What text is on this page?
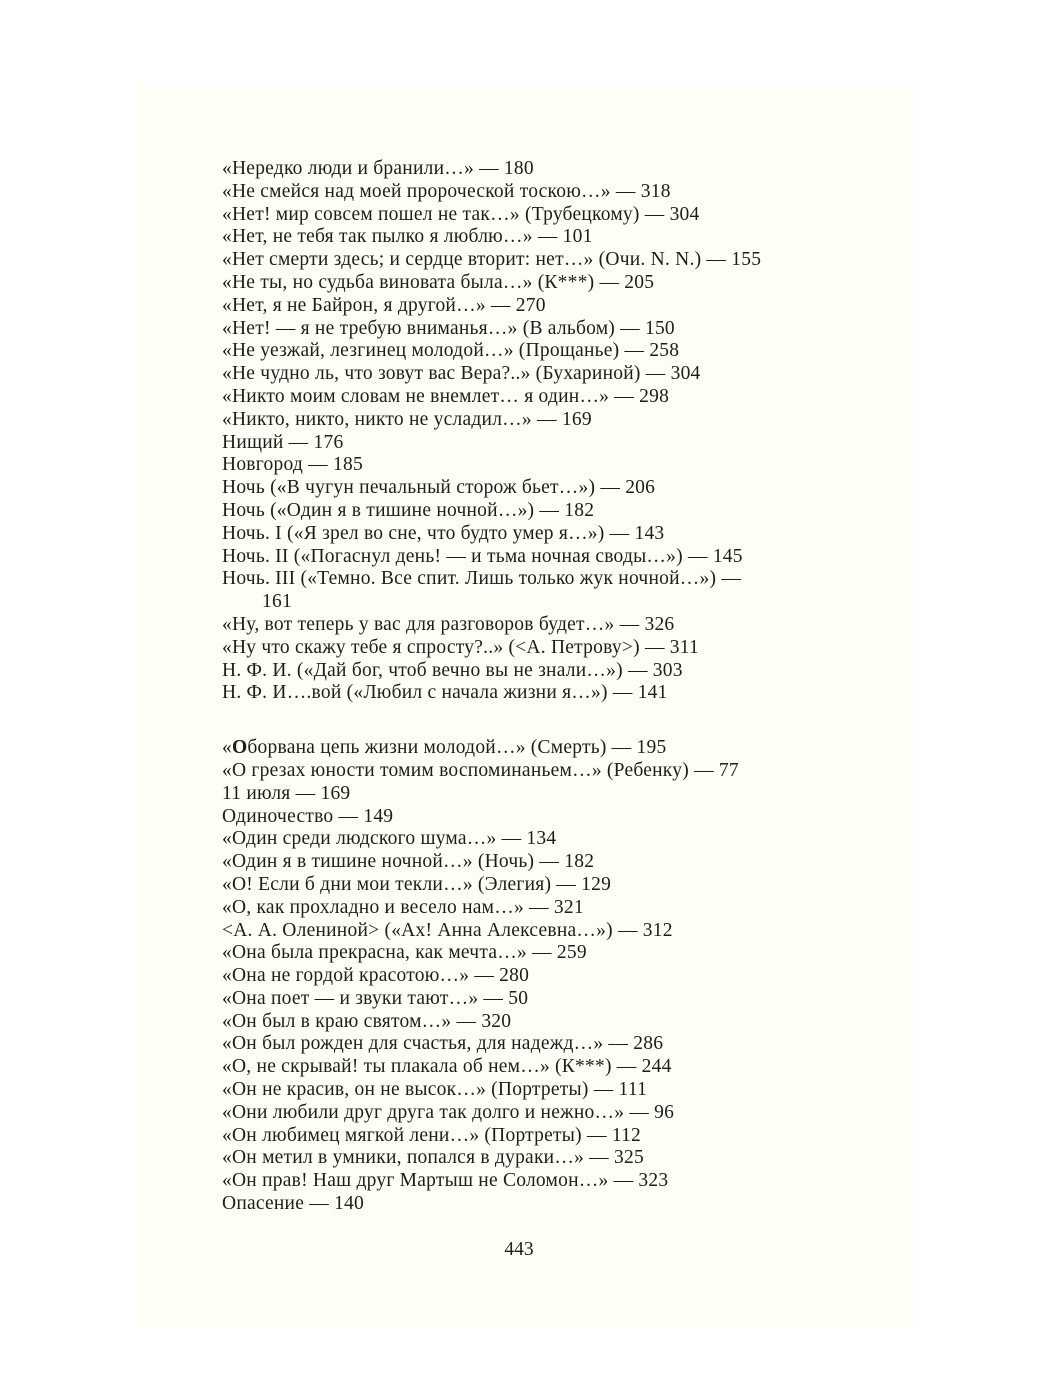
«Нередко люди и бранили…» — 180
«Не смейся над моей пророческой тоскою…» — 318
«Нет! мир совсем пошел не так…» (Трубецкому) — 304
«Нет, не тебя так пылко я люблю…» — 101
«Нет смерти здесь; и сердце вторит: нет…» (Очи. N. N.) — 155
«Не ты, но судьба виновата была…» (К***) — 205
«Нет, я не Байрон, я другой…» — 270
«Нет! — я не требую вниманья…» (В альбом) — 150
«Не уезжай, лезгинец молодой…» (Прощанье) — 258
«Не чудно ль, что зовут вас Вера?..» (Бухариной) — 304
«Никто моим словам не внемлет… я один…» — 298
«Никто, никто, никто не усладил…» — 169
Нищий — 176
Новгород — 185
Ночь («В чугун печальный сторож бьет…») — 206
Ночь («Один я в тишине ночной…») — 182
Ночь. I («Я зрел во сне, что будто умер я…») — 143
Ночь. II («Погаснул день! — и тьма ночная своды…») — 145
Ночь. III («Темно. Все спит. Лишь только жук ночной…») —
161
«Ну, вот теперь у вас для разговоров будет…» — 326
«Ну что скажу тебе я спросту?..» (<А. Петрову>) — 311
Н. Ф. И. («Дай бог, чтоб вечно вы не знали…») — 303
Н. Ф. И….вой («Любил с начала жизни я…») — 141
«Оборвана цепь жизни молодой…» (Смерть) — 195
«О грезах юности томим воспоминаньем…» (Ребенку) — 77
11 июля — 169
Одиночество — 149
«Один среди людского шума…» — 134
«Один я в тишине ночной…» (Ночь) — 182
«О! Если б дни мои текли…» (Элегия) — 129
«О, как прохладно и весело нам…» — 321
<А. А. Олениной> («Ах! Анна Алексевна…») — 312
«Она была прекрасна, как мечта…» — 259
«Она не гордой красотою…» — 280
«Она поет — и звуки тают…» — 50
«Он был в краю святом…» — 320
«Он был рожден для счастья, для надежд…» — 286
«О, не скрывай! ты плакала об нем…» (К***) — 244
«Он не красив, он не высок…» (Портреты) — 111
«Они любили друг друга так долго и нежно…» — 96
«Он любимец мягкой лени…» (Портреты) — 112
«Он метил в умники, попался в дураки…» — 325
«Он прав! Наш друг Мартыш не Соломон…» — 323
Опасение — 140
443
